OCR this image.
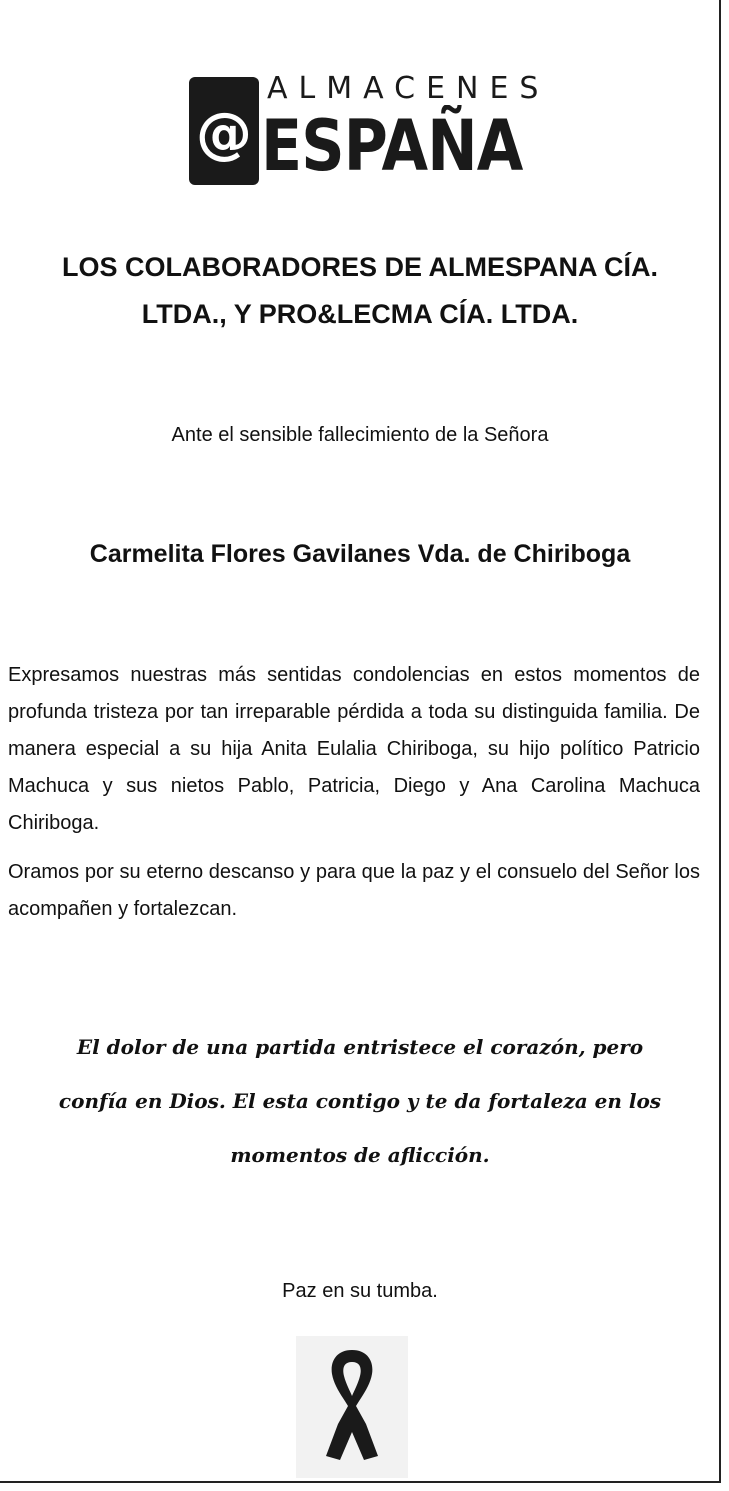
@
ALMACENES
ESPAÑA
LOS COLABORADORES DE ALMESPANA CÍA.
LTDA., Y PRO&LECMA CÍA. LTDA.
Ante el sensible fallecimiento de la Señora
Carmelita Flores Gavilanes Vda. de Chiriboga

Expresamos nuestras más sentidas condolencias en estos momentos de profunda tristeza por tan irreparable pérdida a toda su distinguida familia. De manera especial a su hija Anita Eulalia Chiriboga, su hijo político Patricio Machuca y sus nietos Pablo, Patricia, Diego y Ana Carolina Machuca Chiriboga.

Oramos por su eterno descanso y para que la paz y el consuelo del Señor los acompañen y fortalezcan.

El dolor de una partida entristece el corazón, pero
confía en Dios. El esta contigo y te da fortaleza en los
momentos de aflicción.
Paz en su tumba.
